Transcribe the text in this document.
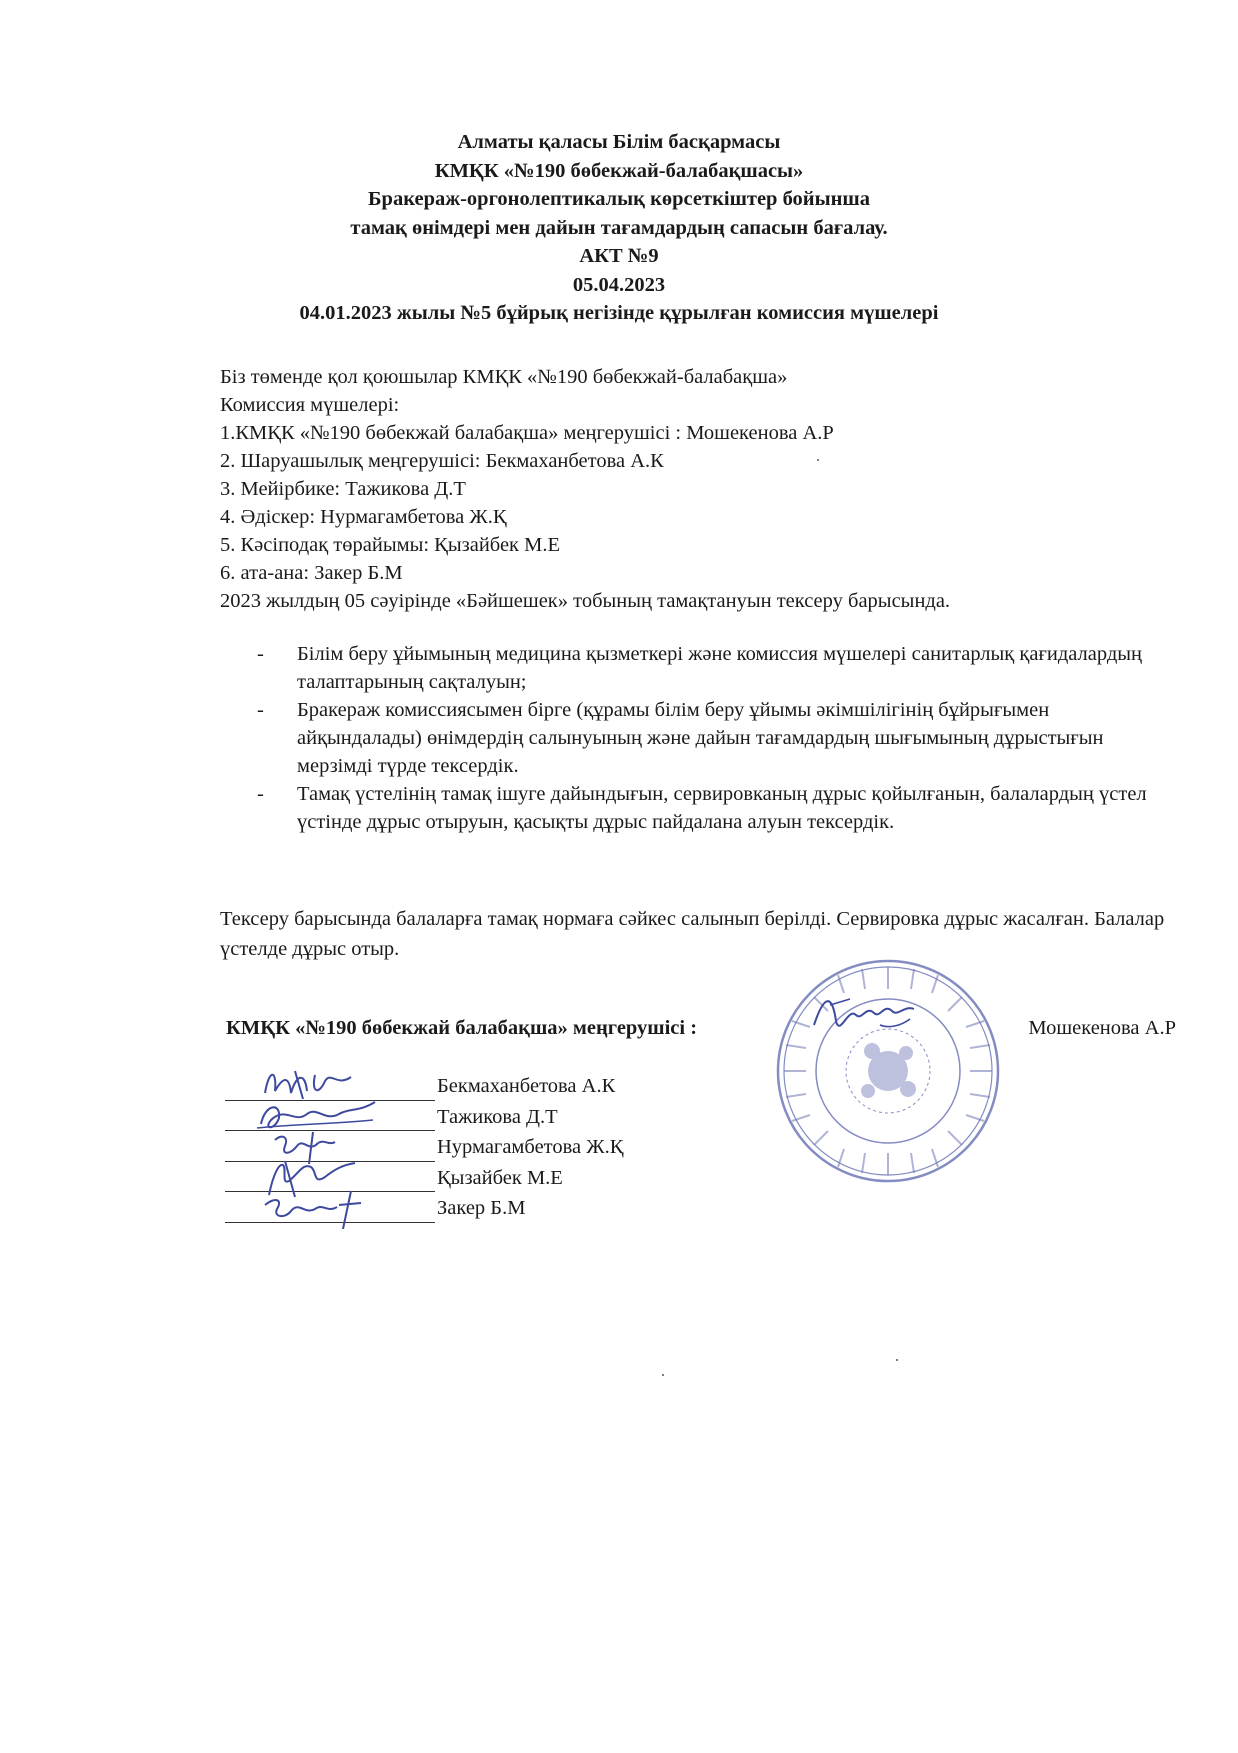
Алматы қаласы Білім басқармасы
КМҚК «№190 бөбекжай-балабақшасы»
Бракераж-оргонолептикалық көрсеткіштер бойынша
тамақ өнімдері мен дайын тағамдардың сапасын бағалау.
АКТ №9
05.04.2023
04.01.2023 жылы №5 бұйрық негізінде құрылған комиссия мүшелері
Біз төменде қол қоюшылар КМҚК «№190 бөбекжай-балабақша»
Комиссия мүшелері:
1.КМҚК «№190 бөбекжай балабақша» меңгерушісі : Мошекенова А.Р
2. Шаруашылық меңгерушісі: Бекмаханбетова А.К
3. Мейірбике: Тажикова Д.Т
4. Әдіскер: Нурмагамбетова Ж.Қ
5. Кәсіподақ төрайымы: Қызайбек М.Е
6. ата-ана: Закер Б.М
2023 жылдың 05 сәуірінде «Бәйшешек» тобының тамақтануын тексеру барысында.
- Білім беру ұйымының медицина қызметкері және комиссия мүшелері санитарлық қағидалардың талаптарының сақталуын;
- Бракераж комиссиясымен бірге (құрамы білім беру ұйымы әкімшілігінің бұйрығымен айқындалады) өнімдердің салынуының және дайын тағамдардың шығымының дұрыстығын мерзімді түрде тексердік.
- Тамақ үстелінің тамақ ішуге дайындығын, сервировканың дұрыс қойылғанын, балалардың үстел үстінде дұрыс отыруын, қасықты дұрыс пайдалана алуын тексердік.
Тексеру барысында балаларға тамақ нормаға сәйкес салынып берілді. Сервировка дұрыс жасалған. Балалар үстелде дұрыс отыр.
КМҚК «№190 бөбекжай балабақша» меңгерушісі :	Мошекенова А.Р
Бекмаханбетова А.К
Тажикова Д.Т
Нурмагамбетова Ж.Қ
Қызайбек М.Е
Закер Б.М
